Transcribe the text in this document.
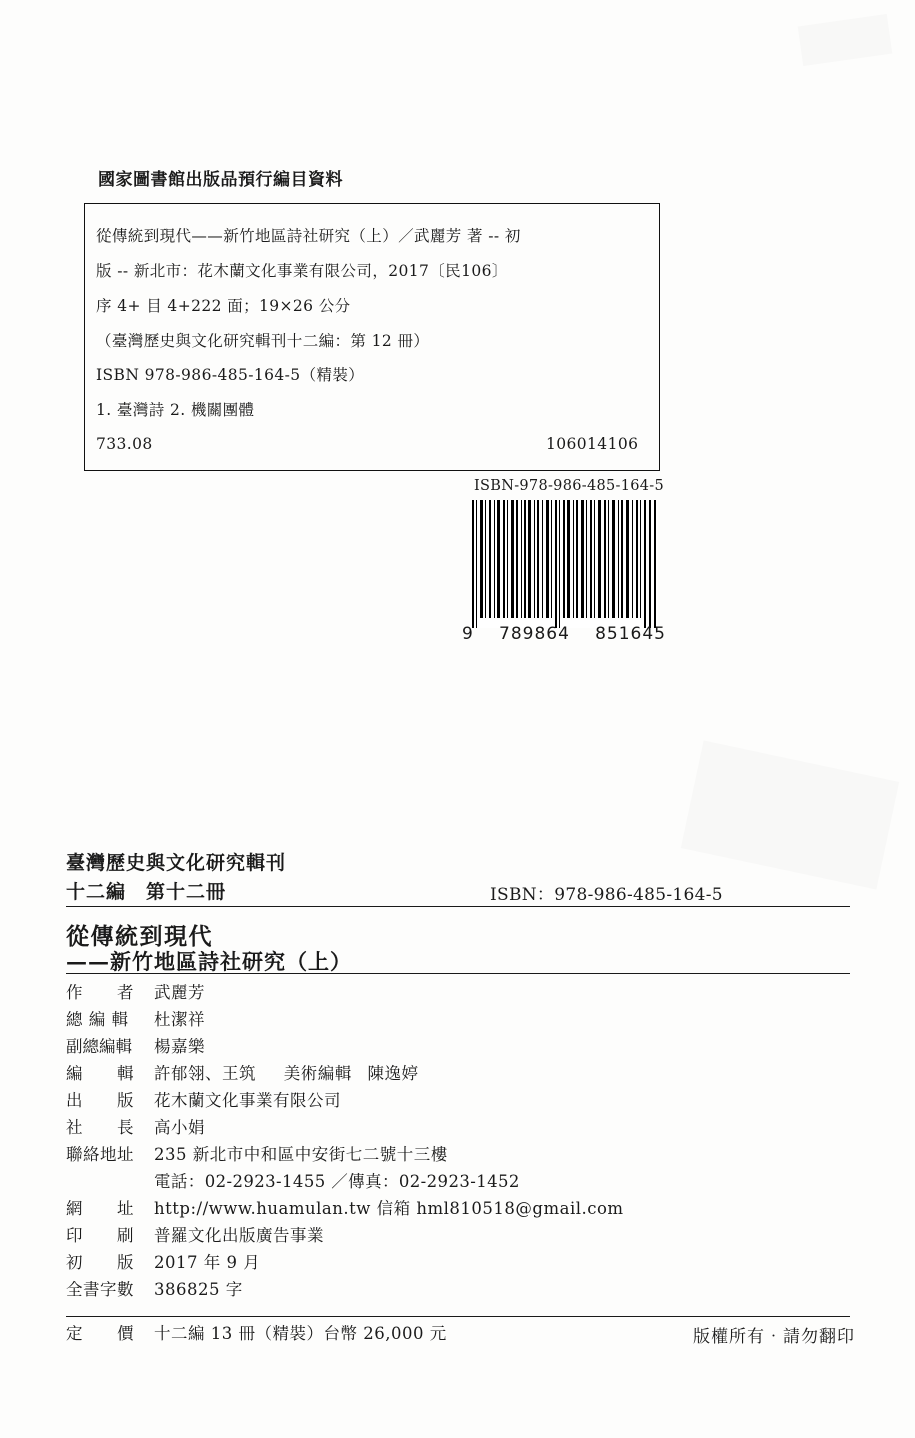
國家圖書館出版品預行編目資料
從傳統到現代——新竹地區詩社研究（上）／武麗芳 著 -- 初
版 -- 新北市：花木蘭文化事業有限公司，2017〔民106〕
序 4+ 目 4+222 面；19×26 公分
（臺灣歷史與文化研究輯刊十二編：第 12 冊）
ISBN 978-986-485-164-5（精裝）
1. 臺灣詩 2. 機關團體
733.08	106014106
ISBN-978-986-485-164-5
9 789864 851645
臺灣歷史與文化研究輯刊
十二編　第十二冊	ISBN：978-986-485-164-5
從傳統到現代
——新竹地區詩社研究（上）
作　　者	武麗芳
總 編 輯	杜潔祥
副總編輯	楊嘉樂
編　　輯	許郁翎、王筑 美術編輯 陳逸婷
出　　版	花木蘭文化事業有限公司
社　　長	高小娟
聯絡地址	235 新北市中和區中安街七二號十三樓
電話：02-2923-1455 ／傳真：02-2923-1452
網　　址	http://www.huamulan.tw 信箱 hml810518@gmail.com
印　　刷	普羅文化出版廣告事業
初　　版	2017 年 9 月
全書字數	386825 字
定　　價	十二編 13 冊（精裝）台幣 26,000 元	版權所有‧請勿翻印
